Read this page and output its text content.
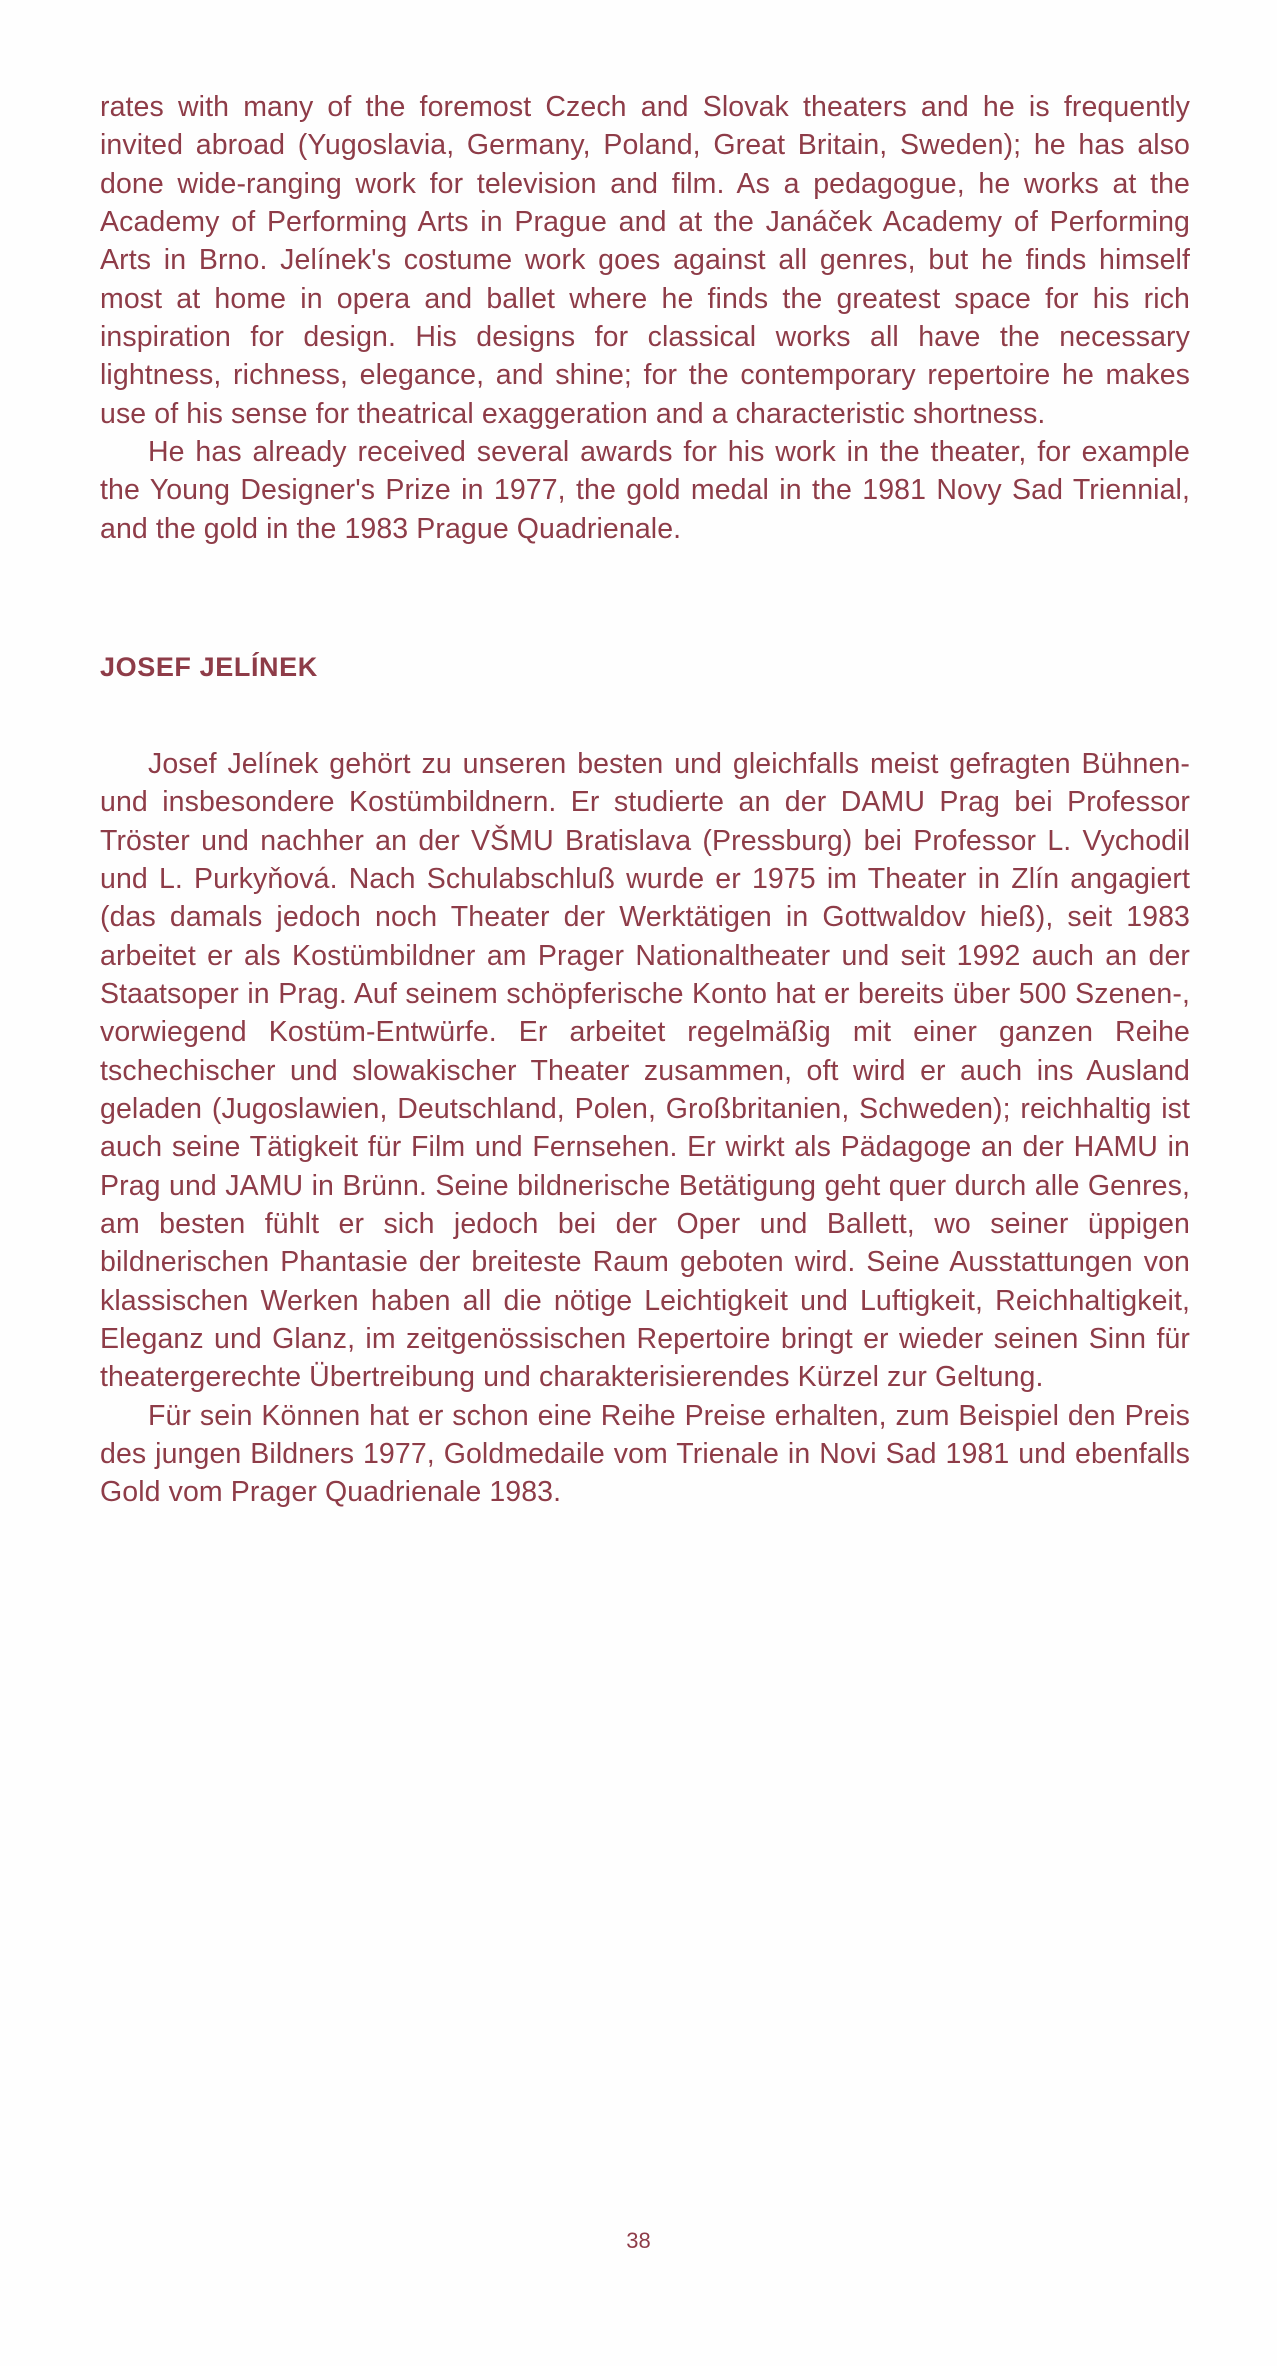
rates with many of the foremost Czech and Slovak theaters and he is frequently invited abroad (Yugoslavia, Germany, Poland, Great Britain, Sweden); he has also done wide-ranging work for television and film. As a pedagogue, he works at the Academy of Performing Arts in Prague and at the Janáček Academy of Performing Arts in Brno. Jelínek's costume work goes against all genres, but he finds himself most at home in opera and ballet where he finds the greatest space for his rich inspiration for design. His designs for classical works all have the necessary lightness, richness, elegance, and shine; for the contemporary repertoire he makes use of his sense for theatrical exaggeration and a characteristic shortness.

He has already received several awards for his work in the theater, for example the Young Designer's Prize in 1977, the gold medal in the 1981 Novy Sad Triennial, and the gold in the 1983 Prague Quadrienale.

JOSEF JELÍNEK

Josef Jelínek gehört zu unseren besten und gleichfalls meist gefragten Bühnen- und insbesondere Kostümbildnern. Er studierte an der DAMU Prag bei Professor Tröster und nachher an der VŠMU Bratislava (Pressburg) bei Professor L. Vychodil und L. Purkyňová. Nach Schulabschluß wurde er 1975 im Theater in Zlín angagiert (das damals jedoch noch Theater der Werktätigen in Gottwaldov hieß), seit 1983 arbeitet er als Kostümbildner am Prager Nationaltheater und seit 1992 auch an der Staatsoper in Prag. Auf seinem schöpferische Konto hat er bereits über 500 Szenen-, vorwiegend Kostüm-Entwürfe. Er arbeitet regelmäßig mit einer ganzen Reihe tschechischer und slowakischer Theater zusammen, oft wird er auch ins Ausland geladen (Jugoslawien, Deutschland, Polen, Großbritanien, Schweden); reichhaltig ist auch seine Tätigkeit für Film und Fernsehen. Er wirkt als Pädagoge an der HAMU in Prag und JAMU in Brünn. Seine bildnerische Betätigung geht quer durch alle Genres, am besten fühlt er sich jedoch bei der Oper und Ballett, wo seiner üppigen bildnerischen Phantasie der breiteste Raum geboten wird. Seine Ausstattungen von klassischen Werken haben all die nötige Leichtigkeit und Luftigkeit, Reichhaltigkeit, Eleganz und Glanz, im zeitgenössischen Repertoire bringt er wieder seinen Sinn für theatergerechte Übertreibung und charakterisierendes Kürzel zur Geltung.

Für sein Können hat er schon eine Reihe Preise erhalten, zum Beispiel den Preis des jungen Bildners 1977, Goldmedaile vom Trienale in Novi Sad 1981 und ebenfalls Gold vom Prager Quadrienale 1983.

38
